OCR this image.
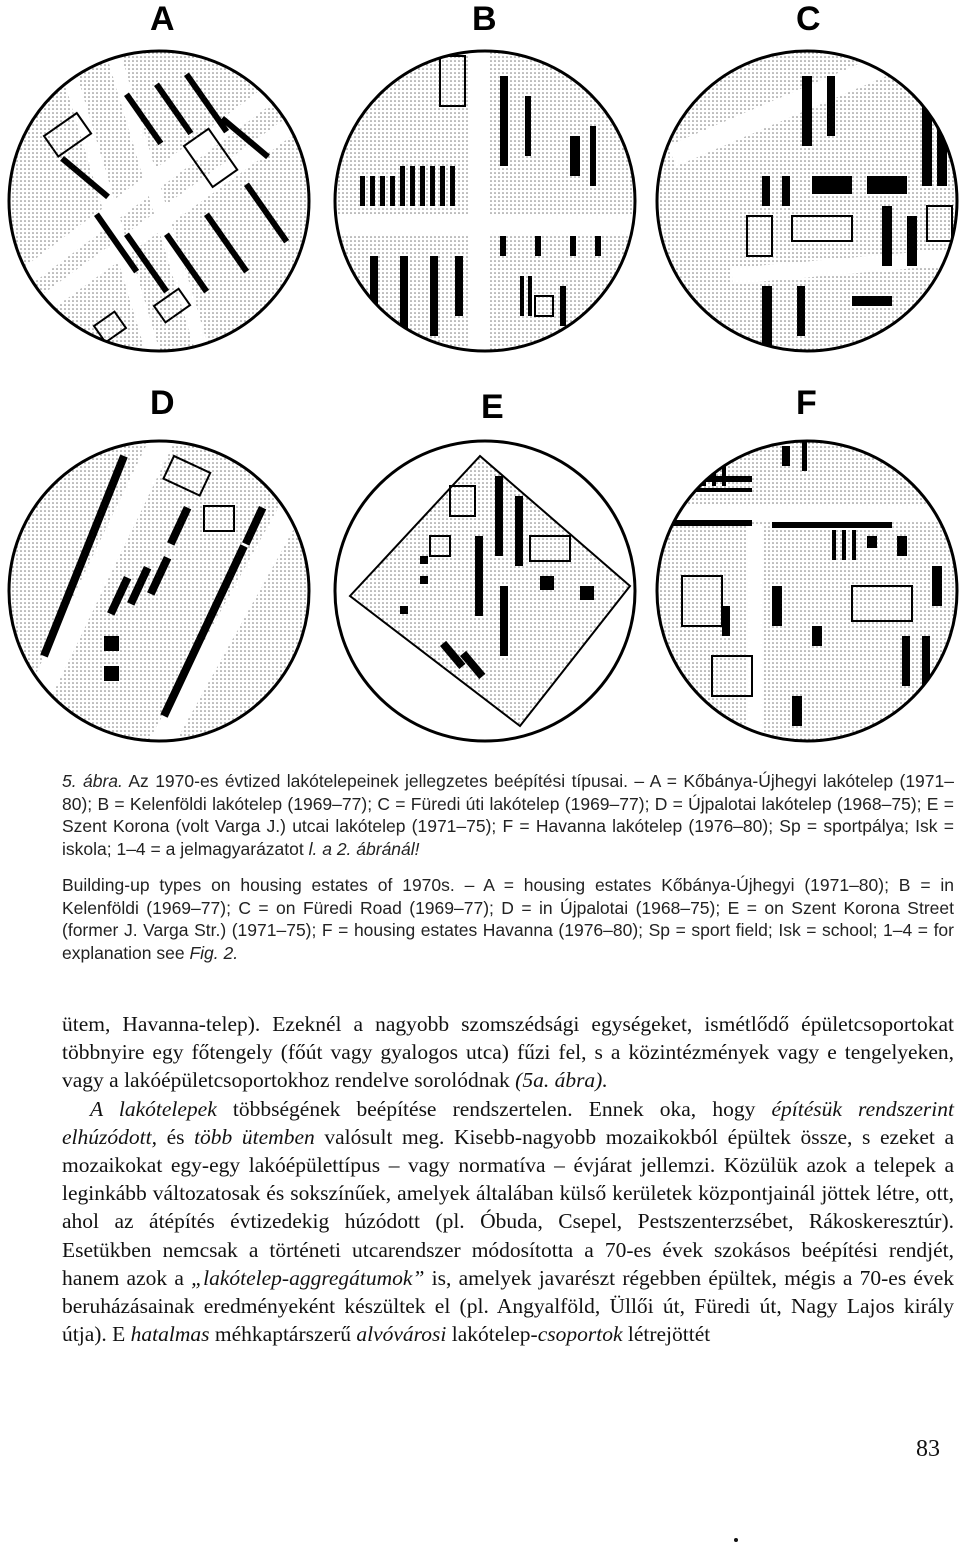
A	B	C
D	E	F

5. ábra. Az 1970-es évtized lakótelepeinek jellegzetes beépítési típusai. – A = Kőbánya-Újhegyi lakótelep (1971–80); B = Kelenföldi lakótelep (1969–77); C = Füredi úti lakótelep (1969–77); D = Újpalotai lakótelep (1968–75); E = Szent Korona (volt Varga J.) utcai lakótelep (1971–75); F = Havanna lakótelep (1976–80); Sp = sportpálya; Isk = iskola; 1–4 = a jelmagyarázatot l. a 2. ábránál!

Building-up types on housing estates of 1970s. – A = housing estates Kőbánya-Újhegyi (1971–80); B = in Kelenföldi (1969–77); C = on Füredi Road (1969–77); D = in Újpalotai (1968–75); E = on Szent Korona Street (former J. Varga Str.) (1971–75); F = housing estates Havanna (1976–80); Sp = sport field; Isk = school; 1–4 = for explanation see Fig. 2.

ütem, Havanna-telep). Ezeknél a nagyobb szomszédsági egységeket, ismétlődő épületcsoportokat többnyire egy főtengely (főút vagy gyalogos utca) fűzi fel, s a közintézmények vagy e tengelyeken, vagy a lakóépületcsoportokhoz rendelve sorolódnak (5a. ábra).

A lakótelepek többségének beépítése rendszertelen. Ennek oka, hogy építésük rendszerint elhúzódott, és több ütemben valósult meg. Kisebb-nagyobb mozaikokból épültek össze, s ezeket a mozaikokat egy-egy lakóépülettípus – vagy normatíva – évjárat jellemzi. Közülük azok a telepek a leginkább változatosak és sokszínűek, amelyek általában külső kerületek központjainál jöttek létre, ott, ahol az átépítés évtizedekig húzódott (pl. Óbuda, Csepel, Pestszenterzsébet, Rákoskeresztúr). Esetükben nemcsak a történeti utcarendszer módosította a 70-es évek szokásos beépítési rendjét, hanem azok a „lakótelep-aggregátumok” is, amelyek javarészt régebben épültek, mégis a 70-es évek beruházásainak eredményeként készültek el (pl. Angyalföld, Üllői út, Füredi út, Nagy Lajos király útja). E hatalmas méhkaptárszerű alvóvárosi lakótelep-csoportok létrejöttét

83
